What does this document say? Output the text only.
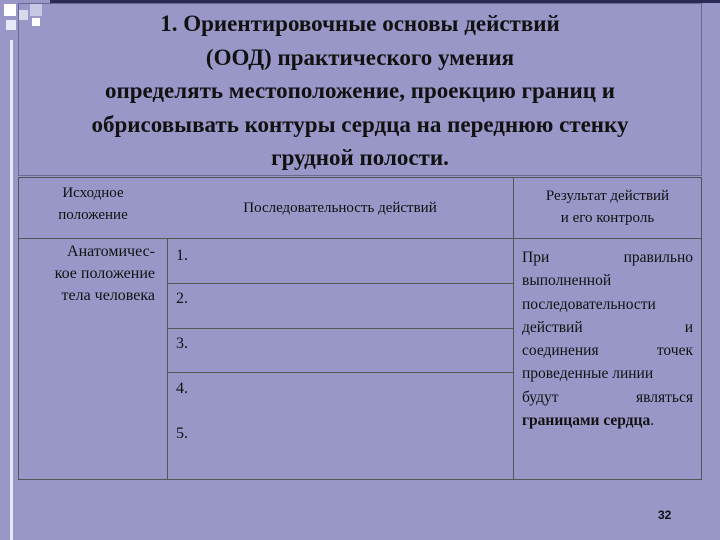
1. Ориентировочные основы действий
(ООД) практического умения
определять местоположение, проекцию границ и
обрисовывать контуры сердца на переднюю стенку
грудной полости.
Исходное
положение	Последовательность действий
Результат действий
и его контроль
Анатомичес-
кое положение
тела человека
1.
2.
3.
4.
5.
При правильно
выполненной
последовательности
действий и
соединения точек
проведенные линии
будут являться
границами сердца.
32
